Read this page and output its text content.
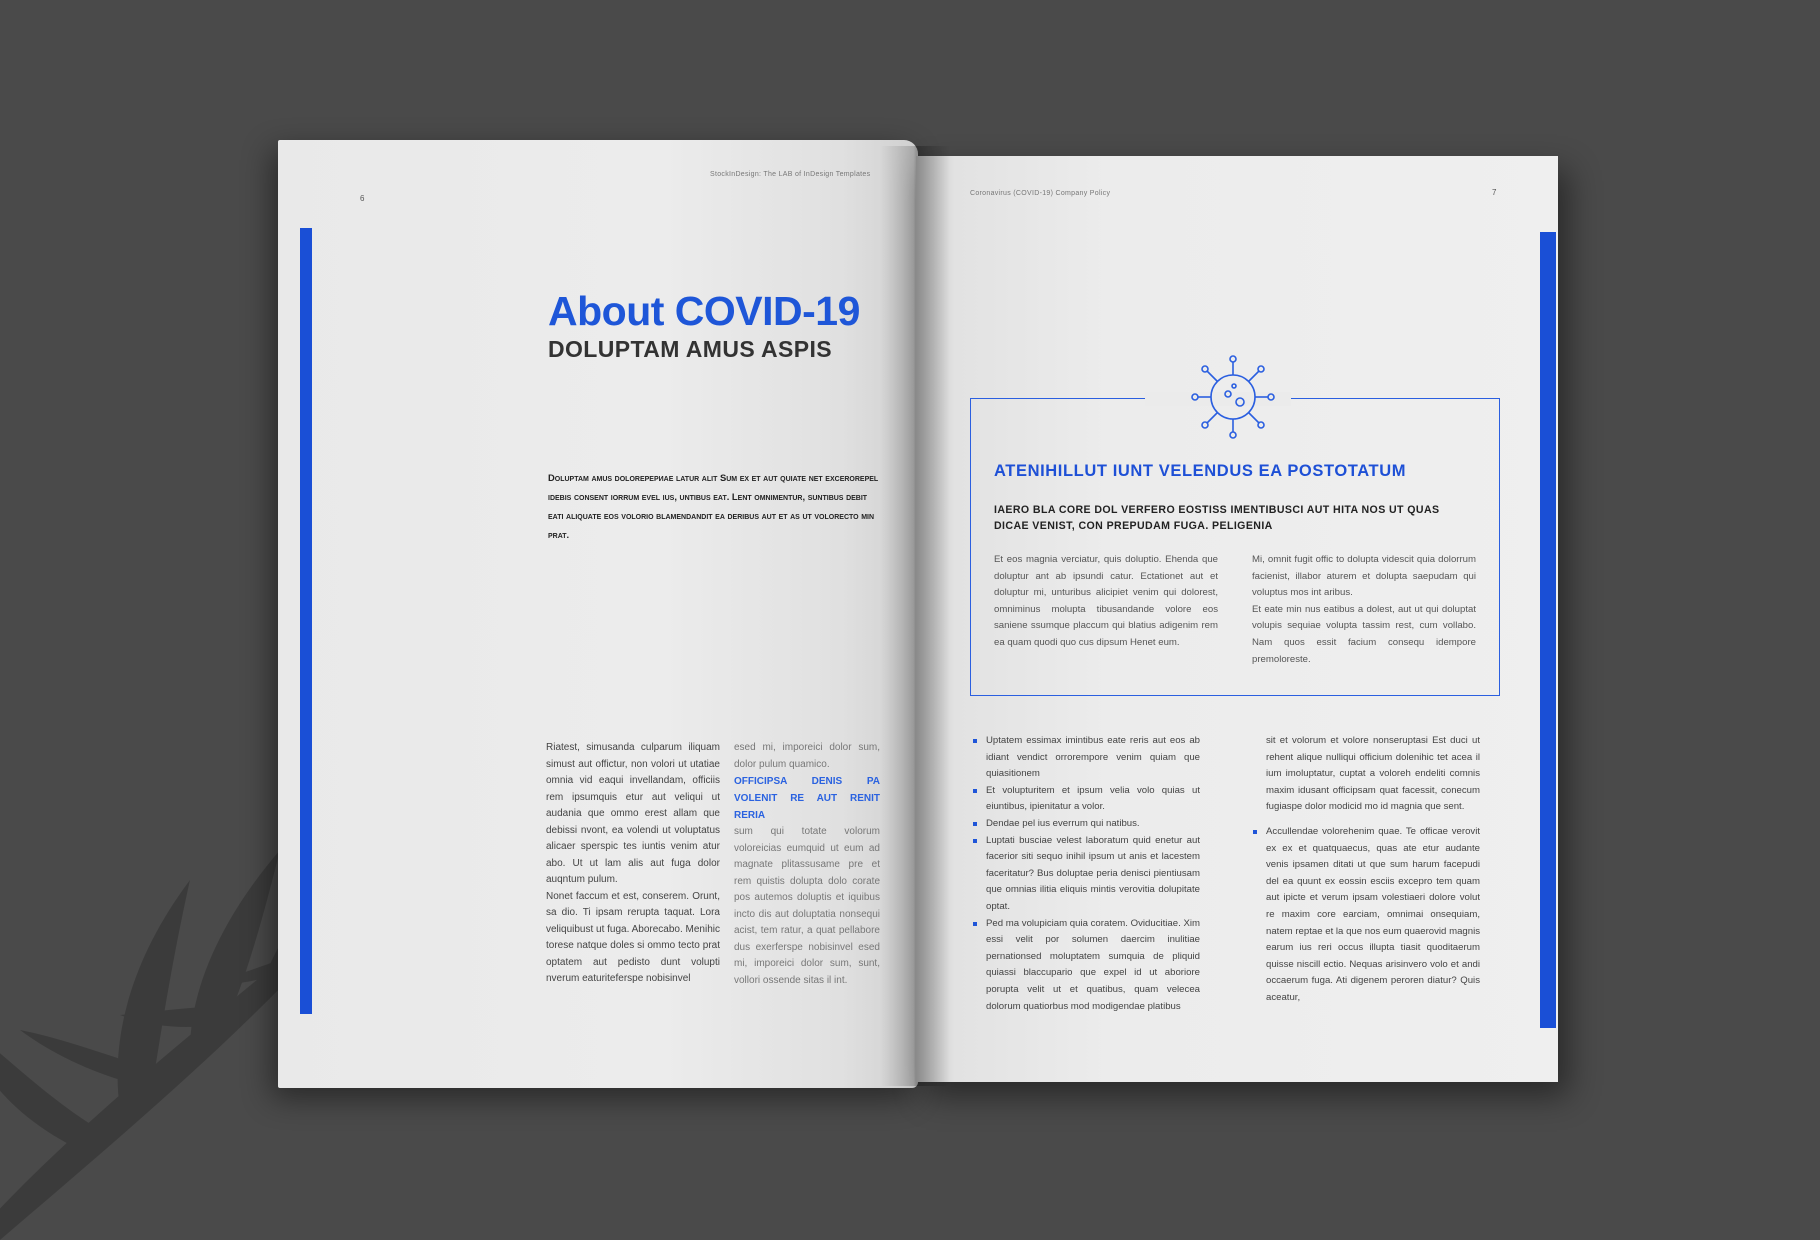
6
StockInDesign: The LAB of InDesign Templates
About COVID-19
DOLUPTAM AMUS ASPIS
Doluptam amus dolorepериае latur alit Sum ex et aut quiate net excerorepel idebis consent iorrum evel ius, untibus eat. Lent omnimentur, suntibus debit eati aliquate eos volorio blamendandit ea deribus aut et as ut volorecto min prat.

Riatest, simusanda culparum iliquam simust aut offictur, non volori ut utatiae omnia vid eaqui invellandam, officiis rem ipsumquis etur aut veliqui ut audania que ommo erest allam que debissi nvont, ea volendi ut voluptatus alicaer sperspic tes iuntis venim atur abo. Ut ut lam alis aut fuga dolor auqntum pulum.

Nonet faccum et est, conserem. Orunt, sa dio. Ti ipsam rerupta taquat. Lora veliquibust ut fuga. Aborecabo. Menihic torese natque doles si ommo tecto prat optatem aut pedisto dunt volupti nverum eaturiteferspe nobisinvel

esed mi, imporeici dolor sum, dolor pulum quamico.

OFFICIPSA DENIS PA VOLENIT RE AUT RENIT RERIA

sum qui totate volorum voloreicias eumquid ut eum ad magnate plitassusame pre et rem quistis dolupta dolo corate pos autemos doluptis et iquibus incto dis aut doluptatia nonsequi acist, tem ratur, a quat pellabore dus exerferspe nobisinvel esed mi, imporeici dolor sum, sunt, vollori ossende sitas il int.

Coronavirus (COVID-19) Company Policy	7
ATENIHILLUT IUNT VELENDUS EA POSTOTATUM
IAERO BLA CORE DOL VERFERO EOSTISS IMENTIBUSCI AUT HITA NOS UT QUAS DICAE VENIST, CON PREPUDAM FUGA. PELIGENIA

Et eos magnia verciatur, quis doluptio. Ehenda que doluptur ant ab ipsundi catur. Ectationet aut et doluptur mi, unturibus alicipiet venim qui dolorest, omniminus molupta tibusandande volore eos saniene ssumque placcum qui blatius adigenim rem ea quam quodi quo cus dipsum Henet eum.

Mi, omnit fugit offic to dolupta videscit quia dolorrum facienist, illabor aturem et dolupta saepudam qui voluptus mos int aribus.

Et eate min nus eatibus a dolest, aut ut qui doluptat volupis sequiae volupta tassim rest, cum vollabo. Nam quos essit facium consequ idempore premoloreste.

Uptatem essimax imintibus eate reris aut eos ab idiant vendict orrorempore venim quiam que quiasitionem
Et volupturitem et ipsum velia volo quias ut eiuntibus, ipienitatur a volor.
Dendae pel ius everrum qui natibus.
Luptati busciae velest laboratum quid enetur aut facerior siti sequo inihil ipsum ut anis et lacestem faceritatur? Bus doluptae peria denisci pientiusam que omnias ilitia eliquis mintis verovitia dolupitate optat.
Ped ma volupiciam quia coratem. Oviducitiae. Xim essi velit por solumen daercim inulitiae pernationsed moluptatem sumquia de pliquid quiassi blaccupario que expel id ut aboriore porupta velit ut et quatibus, quam velecea dolorum quatiorbus mod modigendae platibus
sit et volorum et volore nonseruptasi Est duci ut rehent alique nulliqui officium dolenihic tet acea il ium imoluptatur, cuptat a voloreh endeliti comnis maxim idusant officipsam quat facessit, conecum fugiaspe dolor modicid mo id magnia que sent.
Accullendae volorehenim quae. Te officae verovit ex ex et quatquaecus, quas ate etur audante venis ipsamen ditati ut que sum harum facepudi del ea quunt ex eossin esciis excepro tem quam aut ipicte et verum ipsam volestiaeri dolore volut re maxim core earciam, omnimai onsequiam, natem reptae et la que nos eum quaerovid magnis earum ius reri occus illupta tiasit quoditaerum quisse niscill ectio. Nequas arisinvero volo et andi occaerum fuga. Ati digenem peroren diatur? Quis aceatur,
